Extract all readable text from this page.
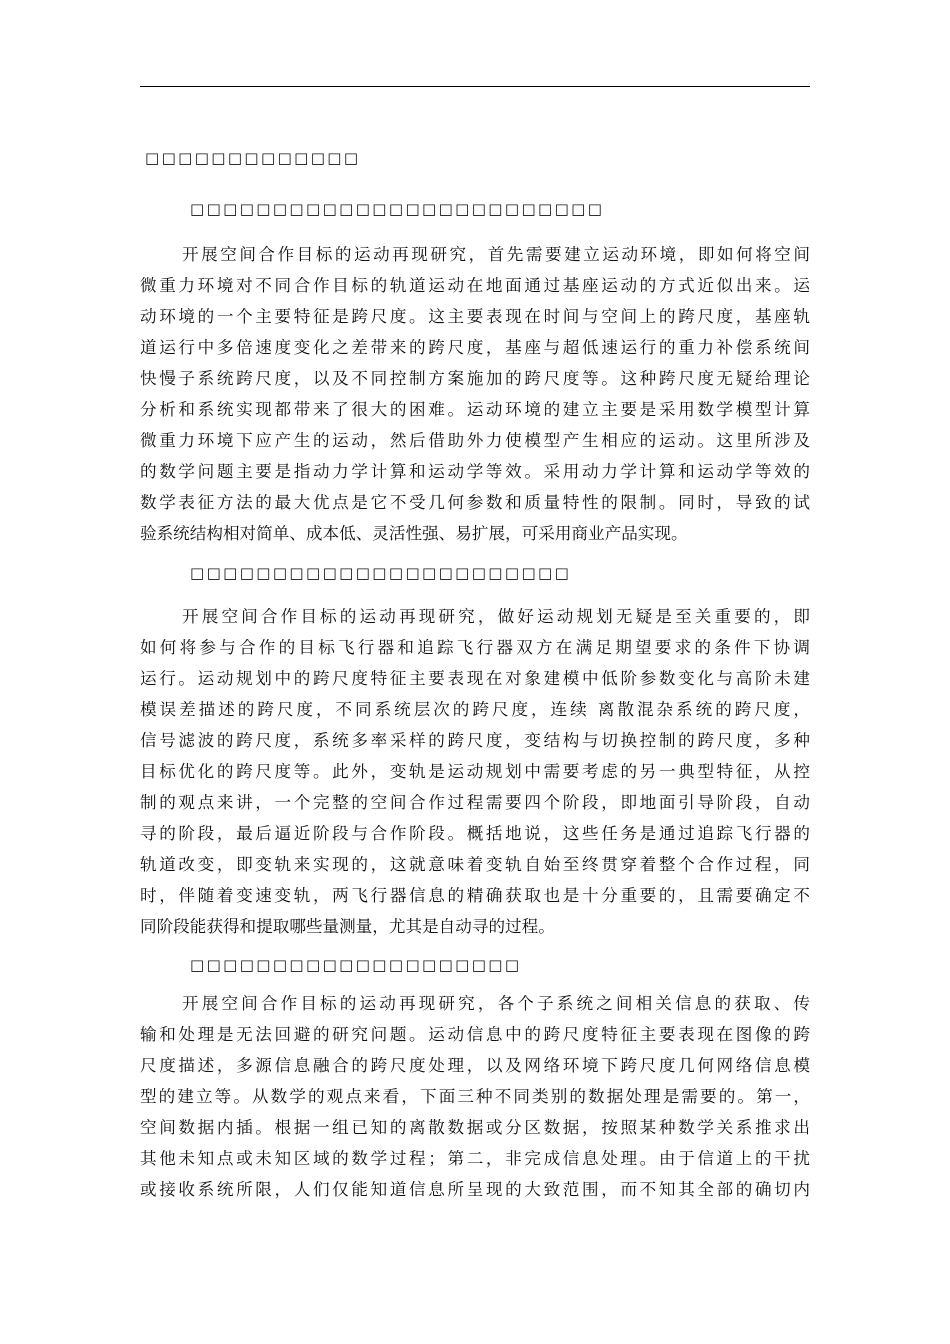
□□□□□□□□□□□□□
□□□□□□□□□□□□□□□□□□□□□□□□□
开展空间合作目标的运动再现研究，首先需要建立运动环境，即如何将空间
微重力环境对不同合作目标的轨道运动在地面通过基座运动的方式近似出来。运
动环境的一个主要特征是跨尺度。这主要表现在时间与空间上的跨尺度，基座轨
道运行中多倍速度变化之差带来的跨尺度，基座与超低速运行的重力补偿系统间
快慢子系统跨尺度，以及不同控制方案施加的跨尺度等。这种跨尺度无疑给理论
分析和系统实现都带来了很大的困难。运动环境的建立主要是采用数学模型计算
微重力环境下应产生的运动，然后借助外力使模型产生相应的运动。这里所涉及
的数学问题主要是指动力学计算和运动学等效。采用动力学计算和运动学等效的
数学表征方法的最大优点是它不受几何参数和质量特性的限制。同时，导致的试
验系统结构相对简单、成本低、灵活性强、易扩展，可采用商业产品实现。
□□□□□□□□□□□□□□□□□□□□□□□
开展空间合作目标的运动再现研究，做好运动规划无疑是至关重要的，即
如何将参与合作的目标飞行器和追踪飞行器双方在满足期望要求的条件下协调
运行。运动规划中的跨尺度特征主要表现在对象建模中低阶参数变化与高阶未建
模误差描述的跨尺度，不同系统层次的跨尺度，连续 离散混杂系统的跨尺度，
信号滤波的跨尺度，系统多率采样的跨尺度，变结构与切换控制的跨尺度，多种
目标优化的跨尺度等。此外，变轨是运动规划中需要考虑的另一典型特征，从控
制的观点来讲，一个完整的空间合作过程需要四个阶段，即地面引导阶段，自动
寻的阶段，最后逼近阶段与合作阶段。概括地说，这些任务是通过追踪飞行器的
轨道改变，即变轨来实现的，这就意味着变轨自始至终贯穿着整个合作过程，同
时，伴随着变速变轨，两飞行器信息的精确获取也是十分重要的，且需要确定不
同阶段能获得和提取哪些量测量，尤其是自动寻的过程。
□□□□□□□□□□□□□□□□□□□□
开展空间合作目标的运动再现研究，各个子系统之间相关信息的获取、传
输和处理是无法回避的研究问题。运动信息中的跨尺度特征主要表现在图像的跨
尺度描述，多源信息融合的跨尺度处理，以及网络环境下跨尺度几何网络信息模
型的建立等。从数学的观点来看，下面三种不同类别的数据处理是需要的。第一，
空间数据内插。根据一组已知的离散数据或分区数据，按照某种数学关系推求出
其他未知点或未知区域的数学过程；第二，非完成信息处理。由于信道上的干扰
或接收系统所限，人们仅能知道信息所呈现的大致范围，而不知其全部的确切内
